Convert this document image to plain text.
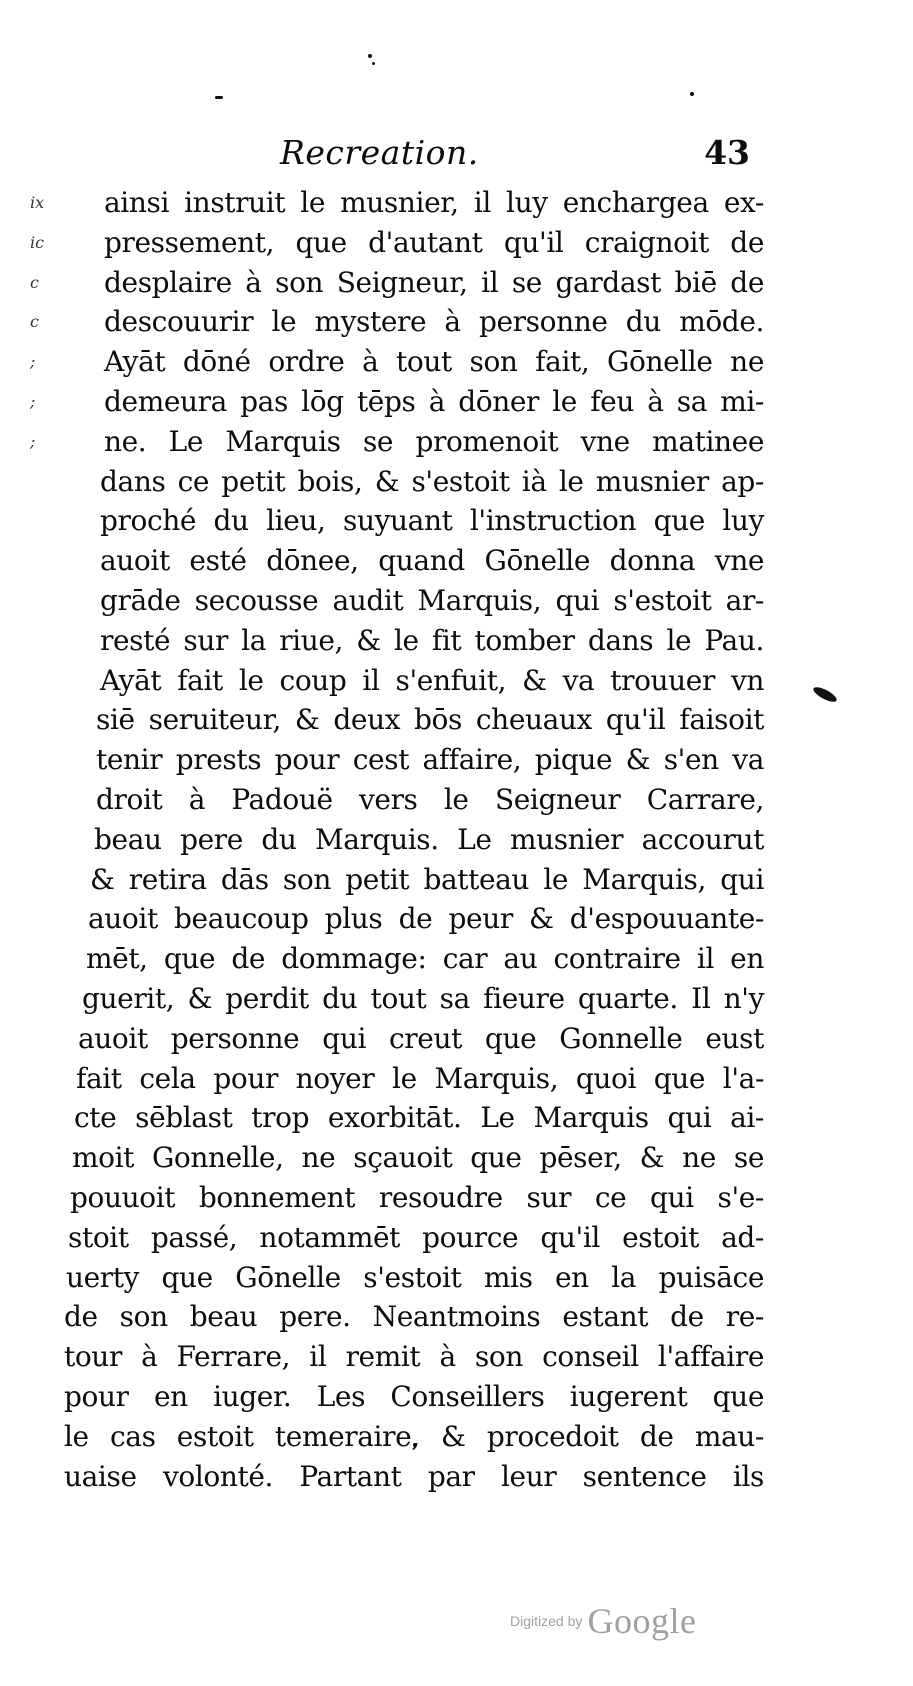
Recreation.	43
ix
ic
c
c
;
;
;
ainsi instruit le musnier, il luy enchargea ex-
pressement, que d'autant qu'il craignoit de
desplaire à son Seigneur, il se gardast biē de
descouurir le mystere à personne du mōde.
Ayāt dōné ordre à tout son fait, Gōnelle ne
demeura pas lōg tēps à dōner le feu à sa mi-
ne. Le Marquis se promenoit vne matinee
dans ce petit bois, & s'estoit ià le musnier ap-
proché du lieu, suyuant l'instruction que luy
auoit esté dōnee, quand Gōnelle donna vne
grāde secousse audit Marquis, qui s'estoit ar-
resté sur la riue, & le fit tomber dans le Pau.
Ayāt fait le coup il s'enfuit, & va trouuer vn
siē seruiteur, & deux bōs cheuaux qu'il faisoit
tenir prests pour cest affaire, pique & s'en va
droit à Padouë vers le Seigneur Carrare,
beau pere du Marquis. Le musnier accourut
& retira dās son petit batteau le Marquis, qui
auoit beaucoup plus de peur & d'espouuante-
mēt, que de dommage: car au contraire il en
guerit, & perdit du tout sa fieure quarte. Il n'y
auoit personne qui creut que Gonnelle eust
fait cela pour noyer le Marquis, quoi que l'a-
cte sēblast trop exorbitāt. Le Marquis qui ai-
moit Gonnelle, ne sçauoit que pēser, & ne se
pouuoit bonnement resoudre sur ce qui s'e-
stoit passé, notammēt pource qu'il estoit ad-
uerty que Gōnelle s'estoit mis en la puisāce
de son beau pere. Neantmoins estant de re-
tour à Ferrare, il remit à son conseil l'affaire
pour en iuger. Les Conseillers iugerent que
le cas estoit temeraire, & procedoit de mau-
uaise volonté. Partant par leur sentence ils
Digitized by Google
